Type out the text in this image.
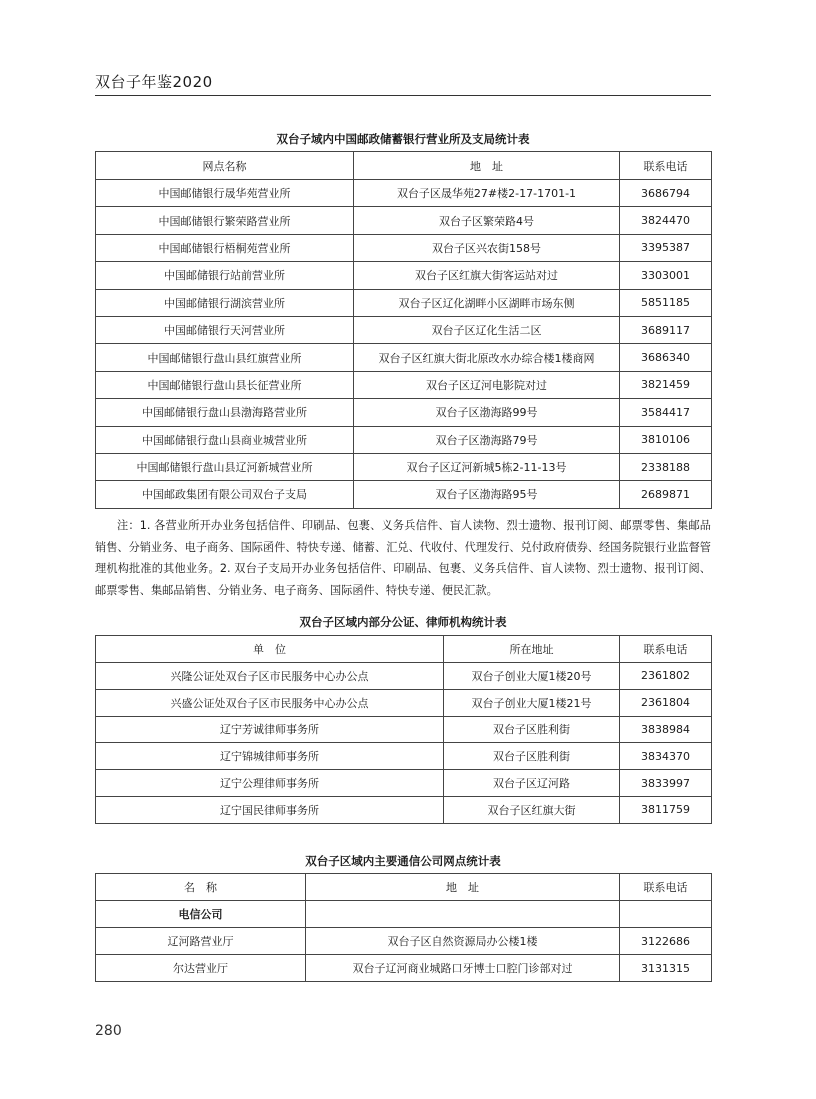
双台子年鉴2020
双台子域内中国邮政储蓄银行营业所及支局统计表
网点名称	地　址	联系电话
中国邮储银行晟华苑营业所	双台子区晟华苑27#楼2-17-1701-1	3686794
中国邮储银行繁荣路营业所	双台子区繁荣路4号	3824470
中国邮储银行梧桐苑营业所	双台子区兴农街158号	3395387
中国邮储银行站前营业所	双台子区红旗大街客运站对过	3303001
中国邮储银行湖滨营业所	双台子区辽化湖畔小区湖畔市场东侧	5851185
中国邮储银行天河营业所	双台子区辽化生活二区	3689117
中国邮储银行盘山县红旗营业所	双台子区红旗大街北原改水办综合楼1楼商网	3686340
中国邮储银行盘山县长征营业所	双台子区辽河电影院对过	3821459
中国邮储银行盘山县渤海路营业所	双台子区渤海路99号	3584417
中国邮储银行盘山县商业城营业所	双台子区渤海路79号	3810106
中国邮储银行盘山县辽河新城营业所	双台子区辽河新城5栋2-11-13号	2338188
中国邮政集团有限公司双台子支局	双台子区渤海路95号	2689871
注：1. 各营业所开办业务包括信件、印刷品、包裹、义务兵信件、盲人读物、烈士遗物、报刊订阅、邮票零售、集邮品销售、分销业务、电子商务、国际函件、特快专递、储蓄、汇兑、代收付、代理发行、兑付政府债券、经国务院银行业监督管理机构批准的其他业务。2. 双台子支局开办业务包括信件、印刷品、包裹、义务兵信件、盲人读物、烈士遗物、报刊订阅、邮票零售、集邮品销售、分销业务、电子商务、国际函件、特快专递、便民汇款。
双台子区域内部分公证、律师机构统计表
单　位	所在地址	联系电话
兴隆公证处双台子区市民服务中心办公点	双台子创业大厦1楼20号	2361802
兴盛公证处双台子区市民服务中心办公点	双台子创业大厦1楼21号	2361804
辽宁芳诚律师事务所	双台子区胜利街	3838984
辽宁锦城律师事务所	双台子区胜利街	3834370
辽宁公理律师事务所	双台子区辽河路	3833997
辽宁国民律师事务所	双台子区红旗大街	3811759
双台子区域内主要通信公司网点统计表
名　称	地　址	联系电话
电信公司		
辽河路营业厅	双台子区自然资源局办公楼1楼	3122686
尔达营业厅	双台子辽河商业城路口牙博士口腔门诊部对过	3131315
280
